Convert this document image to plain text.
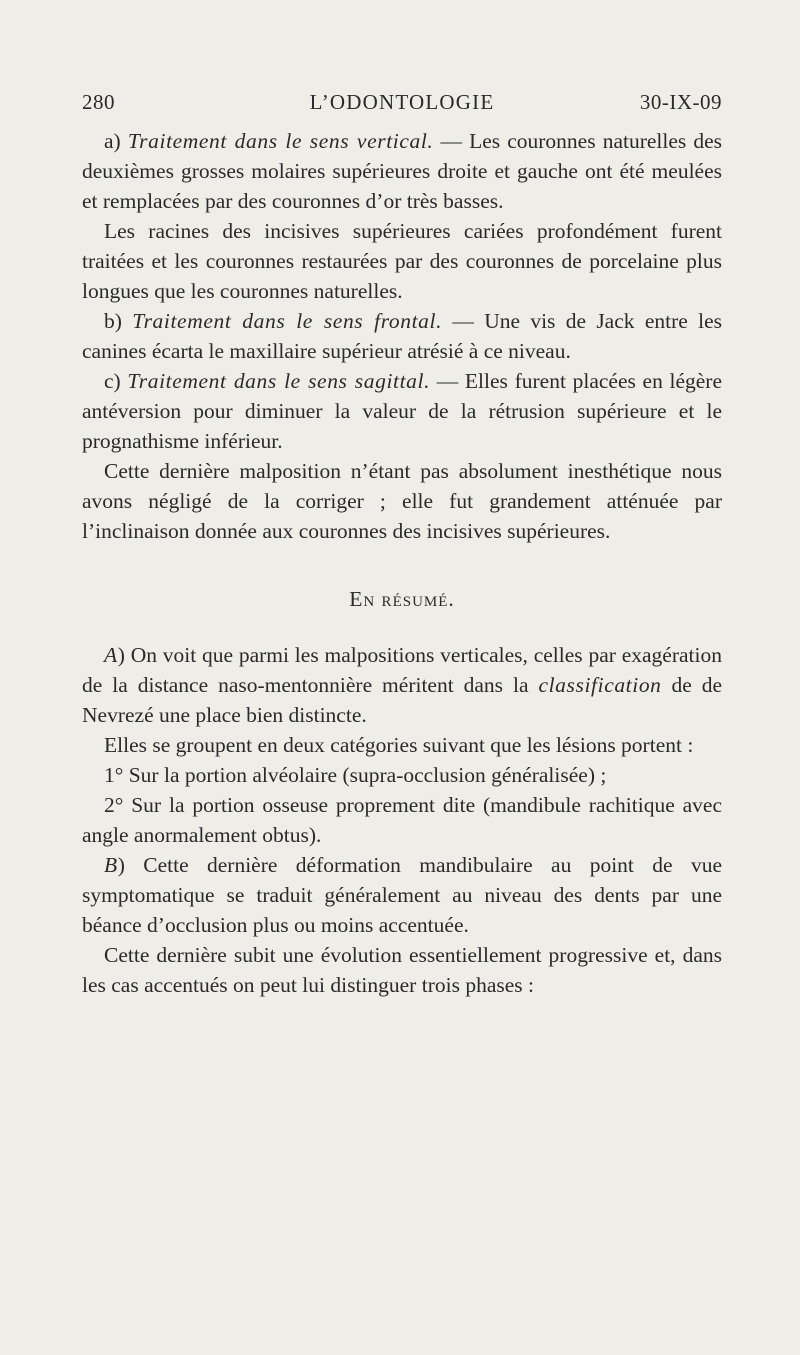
280	L’ODONTOLOGIE	30-IX-09

a) Traitement dans le sens vertical. — Les couronnes naturelles des deuxièmes grosses molaires supérieures droite et gauche ont été meulées et remplacées par des couronnes d’or très basses.

Les racines des incisives supérieures cariées profondément furent traitées et les couronnes restaurées par des couronnes de porcelaine plus longues que les couronnes naturelles.

b) Traitement dans le sens frontal. — Une vis de Jack entre les canines écarta le maxillaire supérieur atrésié à ce niveau.

c) Traitement dans le sens sagittal. — Elles furent placées en légère antéversion pour diminuer la valeur de la rétrusion supérieure et le prognathisme inférieur.

Cette dernière malposition n’étant pas absolument inesthétique nous avons négligé de la corriger ; elle fut grandement atténuée par l’inclinaison donnée aux couronnes des incisives supérieures.

En résumé.

A) On voit que parmi les malpositions verticales, celles par exagération de la distance naso-mentonnière méritent dans la classification de de Nevrezé une place bien distincte.

Elles se groupent en deux catégories suivant que les lésions portent :

1° Sur la portion alvéolaire (supra-occlusion généralisée) ;

2° Sur la portion osseuse proprement dite (mandibule rachitique avec angle anormalement obtus).

B) Cette dernière déformation mandibulaire au point de vue symptomatique se traduit généralement au niveau des dents par une béance d’occlusion plus ou moins accentuée.

Cette dernière subit une évolution essentiellement progressive et, dans les cas accentués on peut lui distinguer trois phases :
